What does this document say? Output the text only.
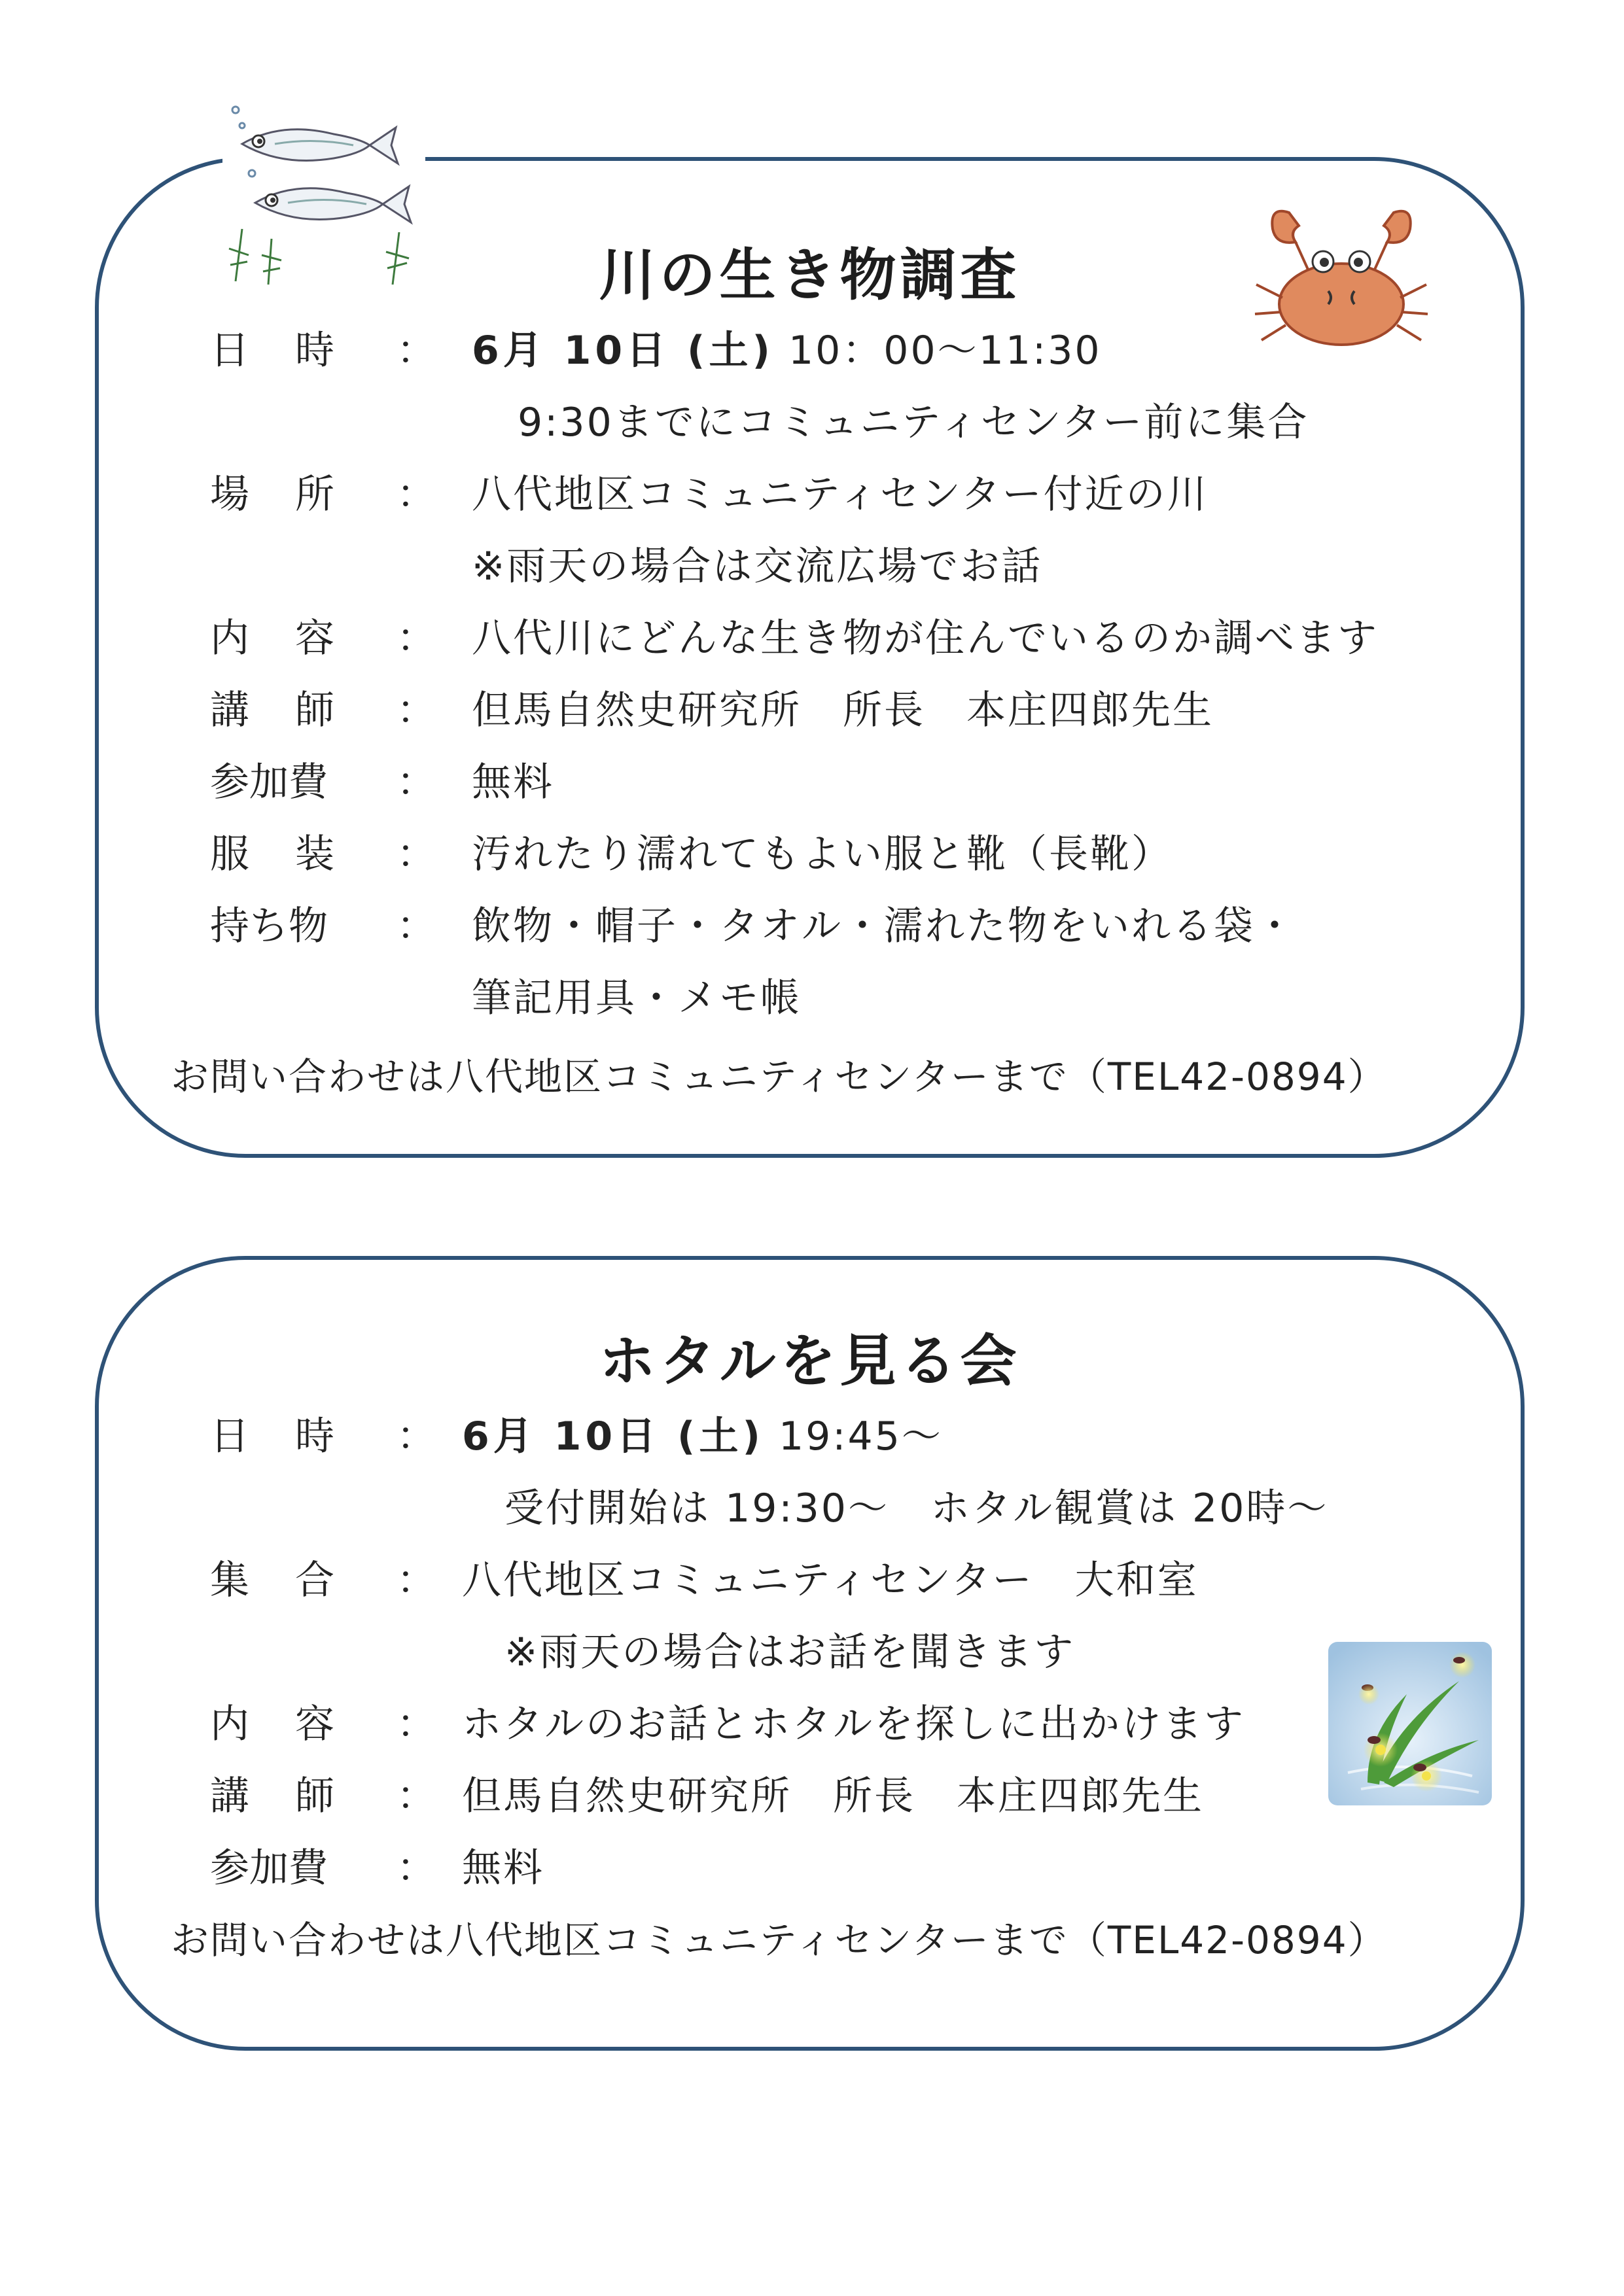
川の生き物調査
日時 ： 6月 10日 (土) 10：00～11:30
9:30までにコミュニティセンター前に集合
場所 ： 八代地区コミュニティセンター付近の川
※雨天の場合は交流広場でお話
内容 ： 八代川にどんな生き物が住んでいるのか調べます
講師 ： 但馬自然史研究所　所長　本庄四郎先生
参加費	： 無料
服装 ： 汚れたり濡れてもよい服と靴（長靴）
持ち物	： 飲物・帽子・タオル・濡れた物をいれる袋・
筆記用具・メモ帳
お問い合わせは八代地区コミュニティセンターまで（TEL42-0894）
ホタルを見る会
日時 ： 6月 10日 (土) 19:45～
受付開始は 19:30～　ホタル観賞は 20時～
集合 ： 八代地区コミュニティセンター　大和室
※雨天の場合はお話を聞きます
内容 ： ホタルのお話とホタルを探しに出かけます
講師 ： 但馬自然史研究所　所長　本庄四郎先生
参加費	： 無料
お問い合わせは八代地区コミュニティセンターまで（TEL42-0894）
